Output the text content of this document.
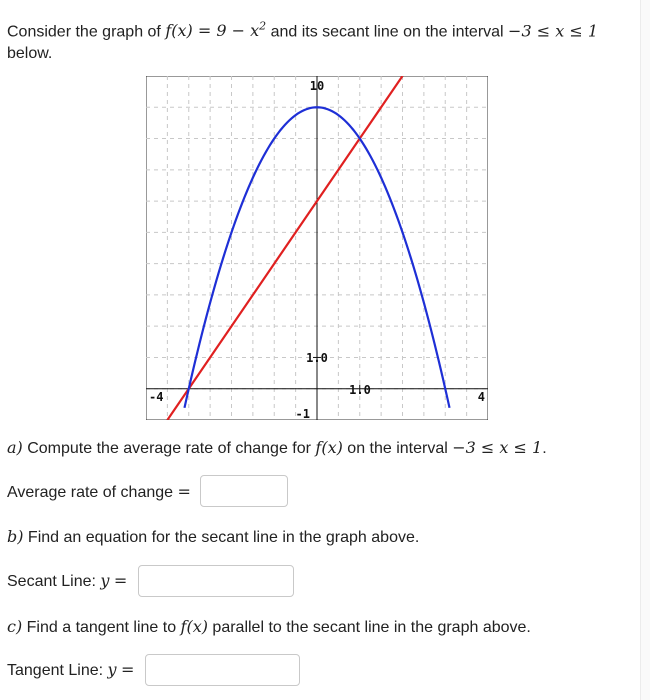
Consider the graph of $f(x) = 9 - x^2$ and its secant line on the interval −3 ≤ x ≤ 1 below.
10
1.0
-1
-4	4
1.0
a) Compute the average rate of change for f(x) on the interval −3 ≤ x ≤ 1.
Average rate of change =
b) Find an equation for the secant line in the graph above.
Secant Line: y =
c) Find a tangent line to f(x) parallel to the secant line in the graph above.
Tangent Line: y =
